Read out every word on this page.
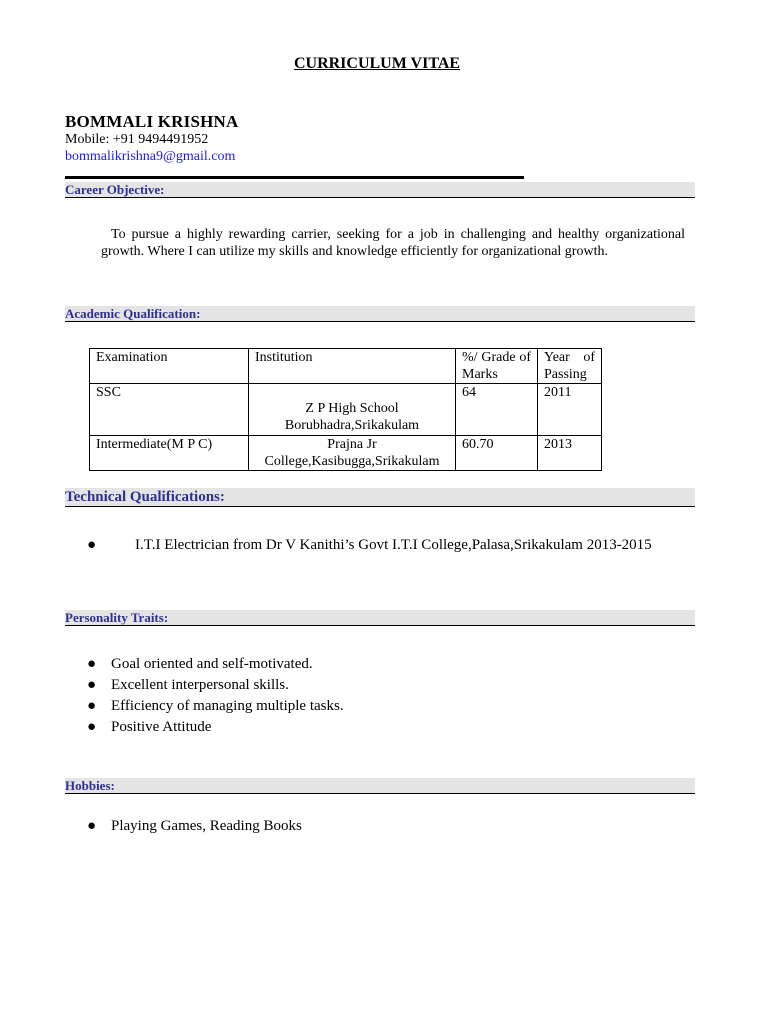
CURRICULUM VITAE
BOMMALI KRISHNA
Mobile: +91 9494491952
bommalikrishna9@gmail.com
Career Objective:
To pursue a highly rewarding carrier, seeking for a job in challenging and healthy organizational growth. Where I can utilize my skills and knowledge efficiently for organizational growth.
Academic Qualification:
Examination	Institution	%/ Grade of Marks	Year of Passing
SSC	Z P High School Borubhadra,Srikakulam	64	2011
Intermediate(M P C)	Prajna Jr College,Kasibugga,Srikakulam	60.70	2013
Technical Qualifications:
●	I.T.I Electrician from Dr V Kanithi’s Govt I.T.I College,Palasa,Srikakulam 2013-2015
Personality Traits:
● Goal oriented and self-motivated.
● Excellent interpersonal skills.
● Efficiency of managing multiple tasks.
● Positive Attitude
Hobbies:
● Playing Games, Reading Books
